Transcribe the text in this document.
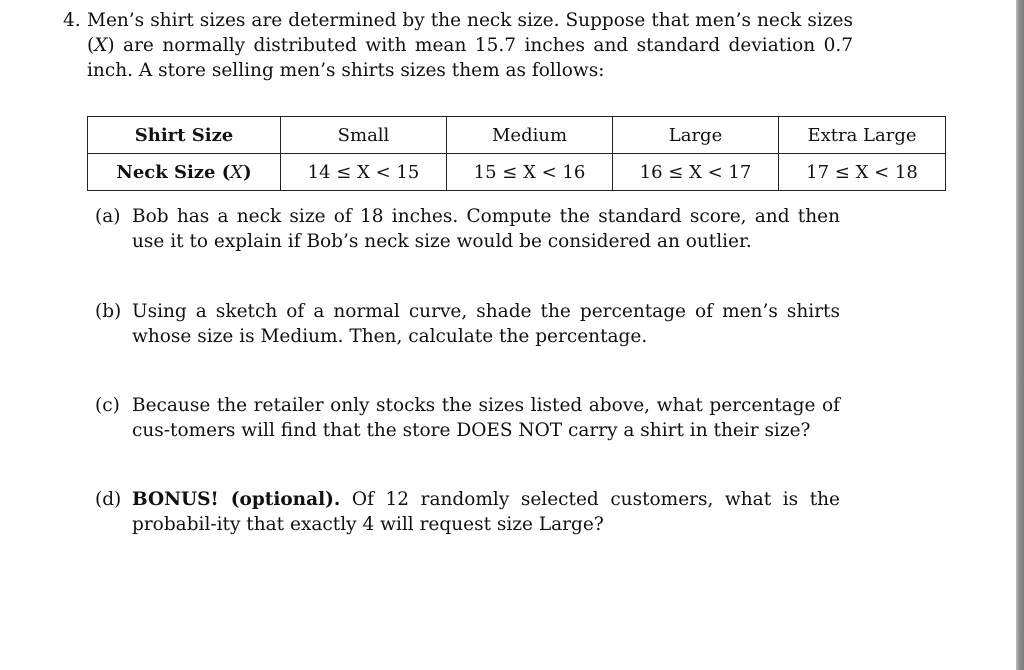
4. Men’s shirt sizes are determined by the neck size. Suppose that men’s neck sizes (X) are normally distributed with mean 15.7 inches and standard deviation 0.7 inch. A store selling men’s shirts sizes them as follows:
Shirt Size	Small	Medium	Large	Extra Large
Neck Size (X)	14 ≤ X < 15	15 ≤ X < 16	16 ≤ X < 17	17 ≤ X < 18
(a) Bob has a neck size of 18 inches. Compute the standard score, and then use it to explain if Bob’s neck size would be considered an outlier.
(b) Using a sketch of a normal curve, shade the percentage of men’s shirts whose size is Medium. Then, calculate the percentage.
(c) Because the retailer only stocks the sizes listed above, what percentage of cus-tomers will find that the store DOES NOT carry a shirt in their size?
(d) BONUS! (optional). Of 12 randomly selected customers, what is the probabil-ity that exactly 4 will request size Large?
